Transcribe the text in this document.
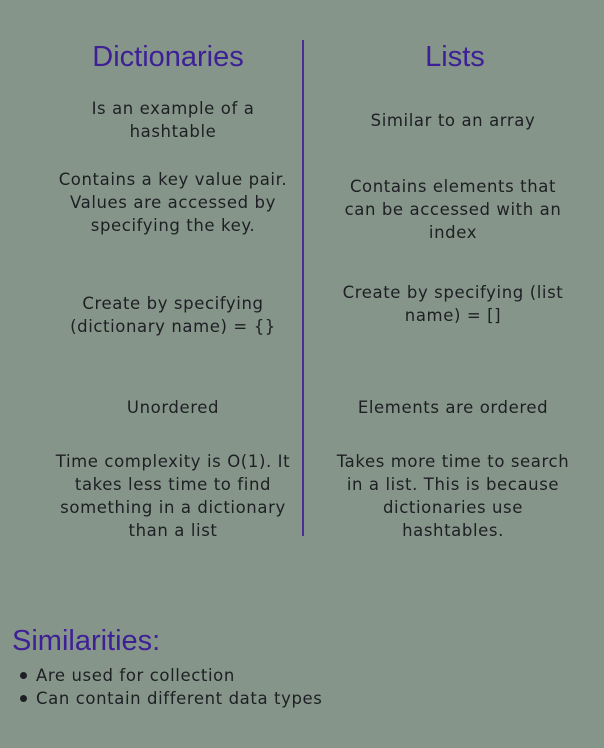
Dictionaries	Lists
Is an example of a hashtable
Similar to an array
Contains a key value pair. Values are accessed by specifying the key.
Contains elements that can be accessed with an index
Create by specifying (dictionary name) = {}
Create by specifying (list name) = []
Unordered	Elements are ordered
Time complexity is O(1). It takes less time to find something in a dictionary than a list
Takes more time to search in a list. This is because dictionaries use hashtables.
Similarities:
Are used for collection
Can contain different data types
